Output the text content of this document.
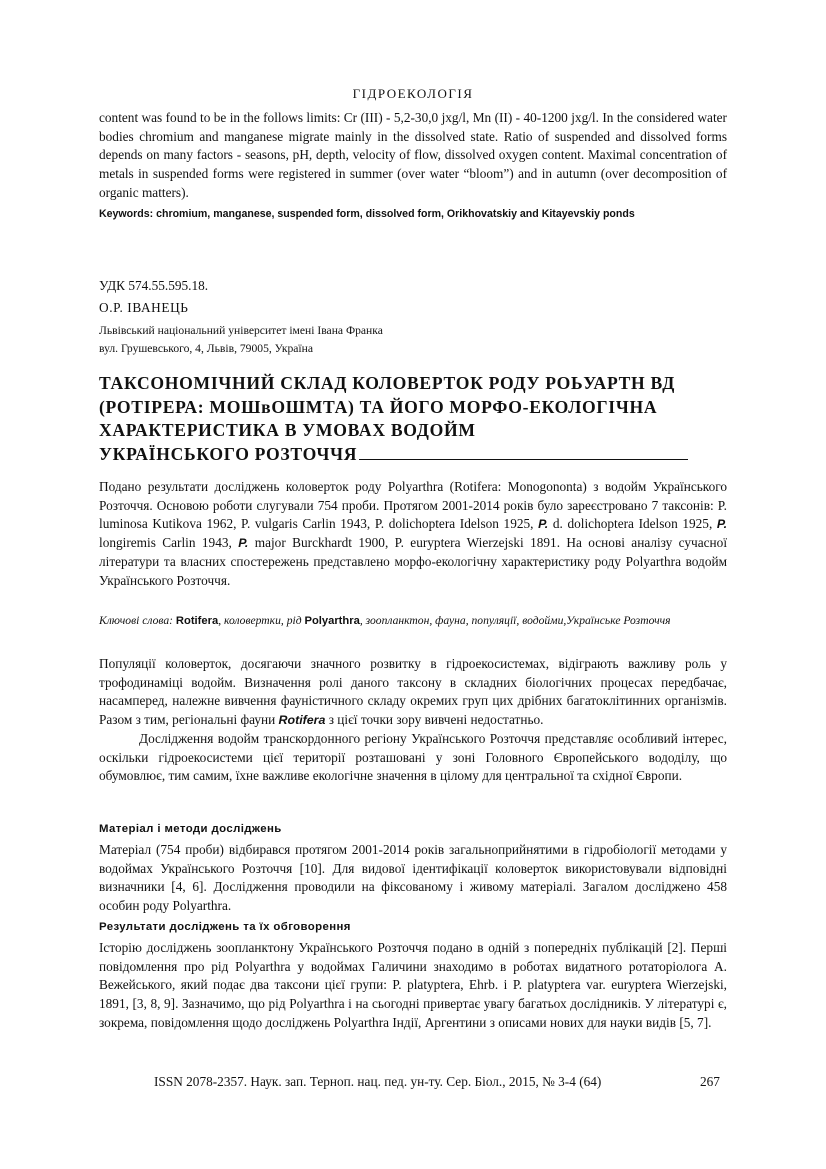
ГІДРОЕКОЛОГІЯ

content was found to be in the follows limits: Cr (III) - 5,2-30,0 jxg/l, Mn (II) - 40-1200 jxg/l. In the considered water bodies chromium and manganese migrate mainly in the dissolved state. Ratio of suspended and dissolved forms depends on many factors - seasons, pH, depth, velocity of flow, dissolved oxygen content. Maximal concentration of metals in suspended forms were registered in summer (over water “bloom”) and in autumn (over decomposition of organic matters).

Keywords: chromium, manganese, suspended form, dissolved form, Orikhovatskiy and Kitayevskiy ponds
УДК 574.55.595.18.
О.Р. ІВАНЕЦЬ
Львівський національний університет імені Івана Франка
вул. Грушевського, 4, Львів, 79005, Україна
ТАКСОНОМІЧНИЙ СКЛАД КОЛОВЕРТОК РОДУ РОЬУАРТН ВД
(РОТІРЕРА: МОШвОШМТА) ТА ЙОГО МОРФО-ЕКОЛОГІЧНА
ХАРАКТЕРИСТИКА В УМОВАХ ВОДОЙМ
УКРАЇНСЬКОГО РОЗТОЧЧЯ

Подано результати досліджень коловерток роду Polyarthra (Rotifera: Monogononta) з водойм Українського Розточчя. Основою роботи слугували 754 проби. Протягом 2001-2014 років було зареєстровано 7 таксонів: P. luminosa Kutikova 1962, P. vulgaris Carlin 1943, P. dolichoptera Idelson 1925, P. d. dolichoptera Idelson 1925, P. longiremis Carlin 1943, P. major Burckhardt 1900, P. euryptera Wierzejski 1891. На основі аналізу сучасної літератури та власних спостережень представлено морфо-екологічну характеристику роду Polyarthra водойм Українського Розточчя.

Ключові слова: Rotifera, коловертки, рід Polyarthra, зоопланктон, фауна, популяції, водойми,Українське Розточчя

Популяції коловерток, досягаючи значного розвитку в гідроекосистемах, відіграють важливу роль у трофодинаміці водойм. Визначення ролі даного таксону в складних біологічних процесах передбачає, насамперед, належне вивчення фауністичного складу окремих груп цих дрібних багатоклітинних організмів. Разом з тим, регіональні фауни Rotifera з цієї точки зору вивчені недостатньо.

Дослідження водойм транскордонного регіону Українського Розточчя представляє особливий інтерес, оскільки гідроекосистеми цієї території розташовані у зоні Головного Європейського вододілу, що обумовлює, тим самим, їхне важливе екологічне значення в цілому для центральної та східної Європи.

Матеріал і методи досліджень

Матеріал (754 проби) відбирався протягом 2001-2014 років загальноприйнятими в гідробіології методами у водоймах Українського Розточчя [10]. Для видової ідентифікації коловерток використовували відповідні визначники [4, 6]. Дослідження проводили на фіксованому і живому матеріалі. Загалом досліджено 458 особин роду Polyarthra.

Результати досліджень та їх обговорення

Історію досліджень зоопланктону Українського Розточчя подано в одній з попередніх публікацій [2]. Перші повідомлення про рід Polyarthra у водоймах Галичини знаходимо в роботах видатного ротаторіолога А. Вежейського, який подає два таксони цієї групи: P. platyptera, Ehrb. і P. platyptera var. euryptera Wierzejski, 1891, [3, 8, 9]. Зазначимо, що рід Polyarthra і на сьогодні привертає увагу багатьох дослідників. У літературі є, зокрема, повідомлення щодо досліджень Polyarthra Індії, Аргентини з описами нових для науки видів [5, 7].

ISSN 2078-2357. Наук. зап. Терноп. нац. пед. ун-ту. Сер. Біол., 2015, № 3-4 (64)	267
